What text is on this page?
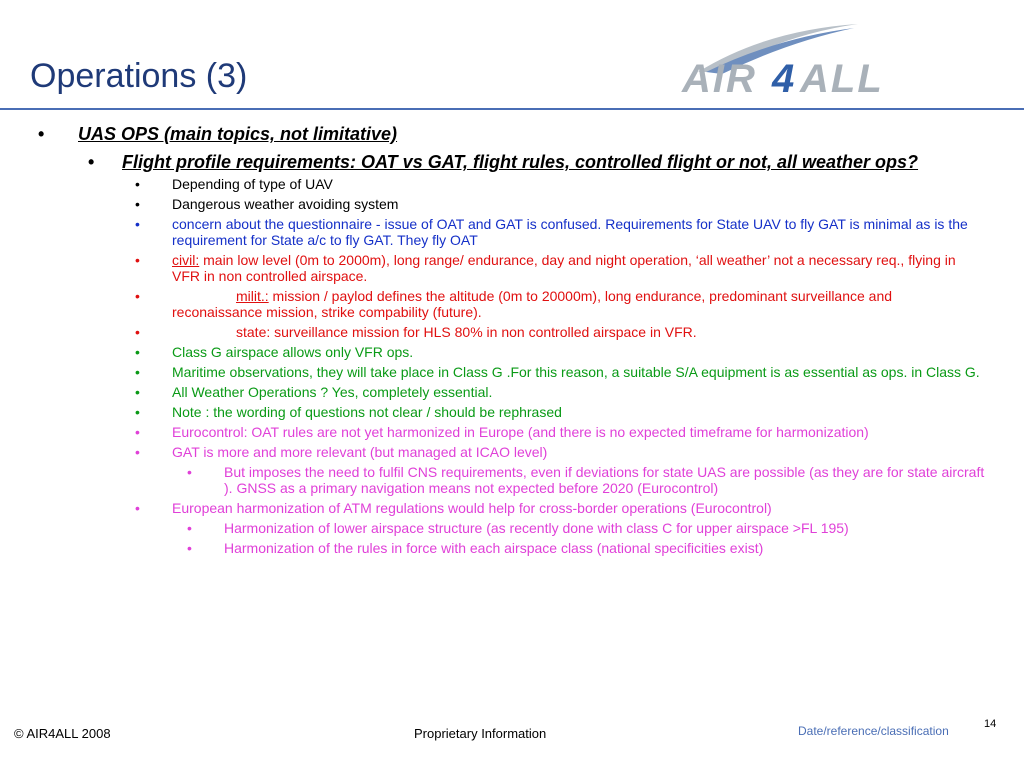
Operations (3)	AIR 4 ALL
• UAS OPS (main topics, not limitative)
• Flight profile requirements: OAT vs GAT, flight rules, controlled flight or not, all weather ops?
• Depending of type of UAV
• Dangerous weather avoiding system
• concern about the questionnaire - issue of OAT and GAT is confused. Requirements for State UAV to fly GAT is minimal as is the requirement for State a/c to fly GAT. They fly OAT
• civil: main low level (0m to 2000m), long range/ endurance, day and night operation, ‘all weather’ not a necessary req., flying in VFR in non controlled airspace.
•	milit.: mission / paylod defines the altitude (0m to 20000m), long endurance, predominant surveillance and reconaissance mission, strike compability (future).
•	state: surveillance mission for HLS 80% in non controlled airspace in VFR.
• Class G airspace allows only VFR ops.
• Maritime observations, they will take place in Class G .For this reason, a suitable S/A equipment is as essential as ops. in Class G.
• All Weather Operations ? Yes, completely essential.
• Note : the wording of questions not clear / should be rephrased
• Eurocontrol: OAT rules are not yet harmonized in Europe (and there is no expected timeframe for harmonization)
• GAT is more and more relevant (but managed at ICAO level)
• But imposes the need to fulfil CNS requirements, even if deviations for state UAS are possible (as they are for state aircraft ). GNSS as a primary navigation means not expected before 2020 (Eurocontrol)
• European harmonization of ATM regulations would help for cross-border operations (Eurocontrol)
• Harmonization of lower airspace structure (as recently done with class C for upper airspace >FL 195)
• Harmonization of the rules in force with each airspace class (national specificities exist)
© AIR4ALL 2008	Proprietary Information	Date/reference/classification	14
